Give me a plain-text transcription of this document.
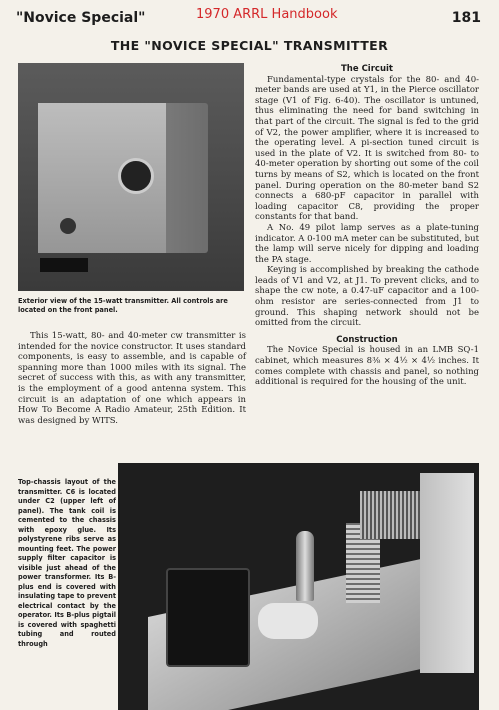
"Novice Special"	1970 ARRL Handbook	181
THE "NOVICE SPECIAL" TRANSMITTER
Exterior view of the 15-watt transmitter. All controls are located on the front panel.

This 15-watt, 80- and 40-meter cw transmitter is intended for the novice constructor. It uses standard components, is easy to assemble, and is capable of spanning more than 1000 miles with its signal. The secret of success with this, as with any transmitter, is the employment of a good antenna system. This circuit is an adaptation of one which appears in How To Become A Radio Amateur, 25th Edition. It was designed by WITS.

The Circuit

Fundamental-type crystals for the 80- and 40-meter bands are used at Y1, in the Pierce oscillator stage (V1 of Fig. 6-40). The oscillator is untuned, thus eliminating the need for band switching in that part of the circuit. The signal is fed to the grid of V2, the power amplifier, where it is increased to the operating level. A pi-section tuned circuit is used in the plate of V2. It is switched from 80- to 40-meter operation by shorting out some of the coil turns by means of S2, which is located on the front panel. During operation on the 80-meter band S2 connects a 680-pF capacitor in parallel with loading capacitor C8, providing the proper constants for that band.

A No. 49 pilot lamp serves as a plate-tuning indicator. A 0-100 mA meter can be substituted, but the lamp will serve nicely for dipping and loading the PA stage.

Keying is accomplished by breaking the cathode leads of V1 and V2, at J1. To prevent clicks, and to shape the cw note, a 0.47-uF capacitor and a 100-ohm resistor are series-connected from J1 to ground. This shaping network should not be omitted from the circuit.

Construction

The Novice Special is housed in an LMB SQ-1 cabinet, which measures 8⅜ × 4½ × 4½ inches. It comes complete with chassis and panel, so nothing additional is required for the housing of the unit.

Top-chassis layout of the transmitter. C6 is located under C2 (upper left of panel). The tank coil is cemented to the chassis with epoxy glue. Its polystyrene ribs serve as mounting feet. The power supply filter capacitor is visible just ahead of the power transformer. Its B-plus end is covered with insulating tape to prevent electrical contact by the operator. Its B-plus pigtail is covered with spaghetti tubing and routed through
